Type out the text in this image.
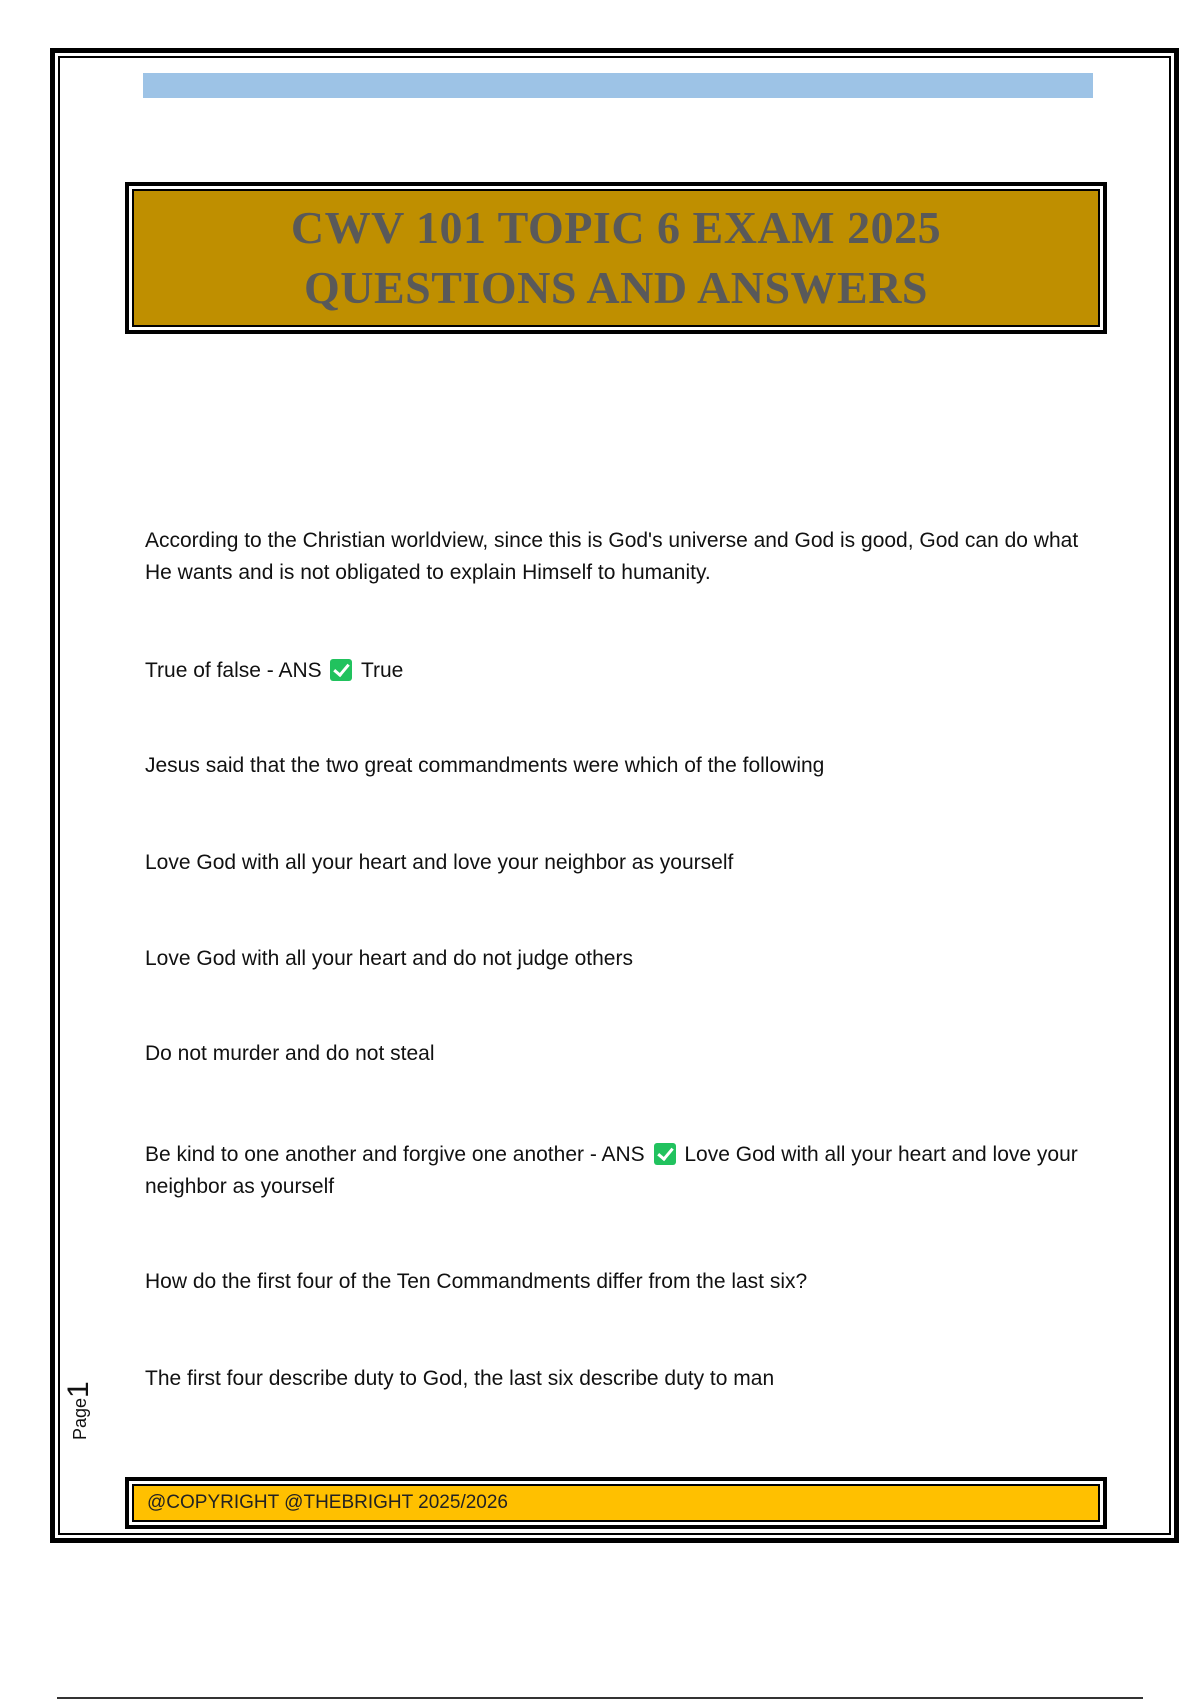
CWV 101 TOPIC 6 EXAM 2025
QUESTIONS AND ANSWERS

According to the Christian worldview, since this is God's universe and God is good, God can do what He wants and is not obligated to explain Himself to humanity.

True of false - ANS True

Jesus said that the two great commandments were which of the following

Love God with all your heart and love your neighbor as yourself

Love God with all your heart and do not judge others

Do not murder and do not steal

Be kind to one another and forgive one another - ANS Love God with all your heart and love your neighbor as yourself

How do the first four of the Ten Commandments differ from the last six?

The first four describe duty to God, the last six describe duty to man

Page1
@COPYRIGHT @THEBRIGHT 2025/2026
